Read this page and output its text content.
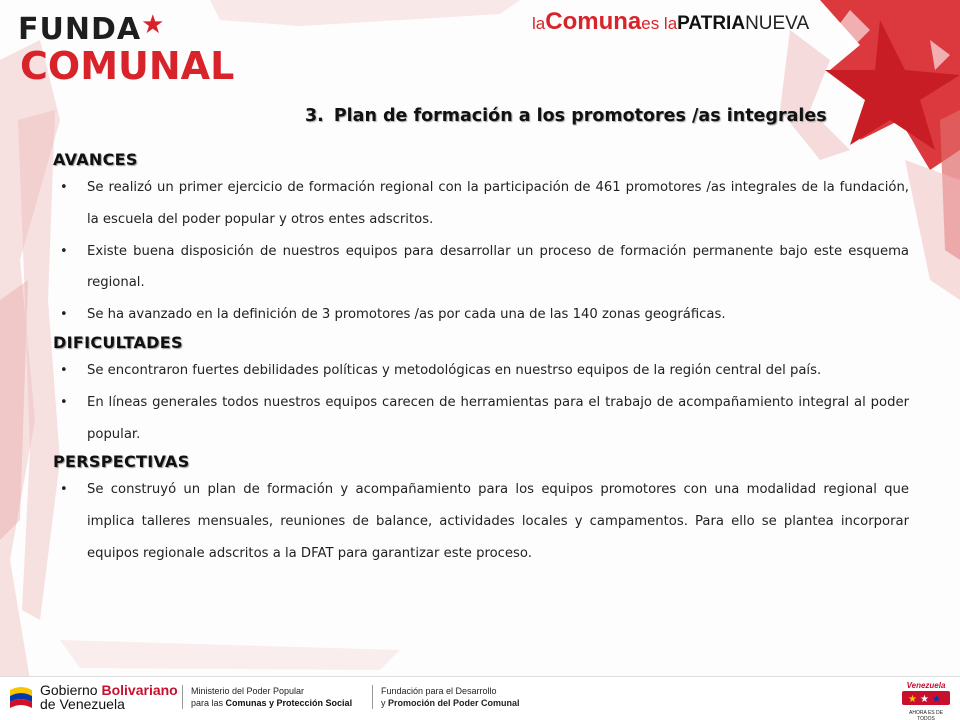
FUNDA★
COMUNAL
laComunaes laPATRIANUEVA
3. Plan de formación a los promotores /as integrales
AVANCES
• Se realizó un primer ejercicio de formación regional con la participación de 461 promotores /as integrales de la fundación, la escuela del poder popular y otros entes adscritos.
• Existe buena disposición de nuestros equipos para desarrollar un proceso de formación permanente bajo este esquema regional.
• Se ha avanzado en la definición de 3 promotores /as por cada una de las 140 zonas geográficas.
DIFICULTADES
• Se encontraron fuertes debilidades políticas y metodológicas en nuestrso equipos de la región central del país.
• En líneas generales todos nuestros equipos carecen de herramientas para el trabajo de acompañamiento integral al poder popular.
PERSPECTIVAS
• Se construyó un plan de formación y acompañamiento para los equipos promotores con una modalidad regional que implica talleres mensuales, reuniones de balance, actividades locales y campamentos. Para ello se plantea incorporar equipos regionale adscritos a la DFAT para garantizar este proceso.
Gobierno Bolivariano
de Venezuela
Ministerio del Poder Popular
para las Comunas y Protección Social
Fundación para el Desarrollo
y Promoción del Poder Comunal
Venezuela
★ ★ ★
AHORA ES DE TODOS
